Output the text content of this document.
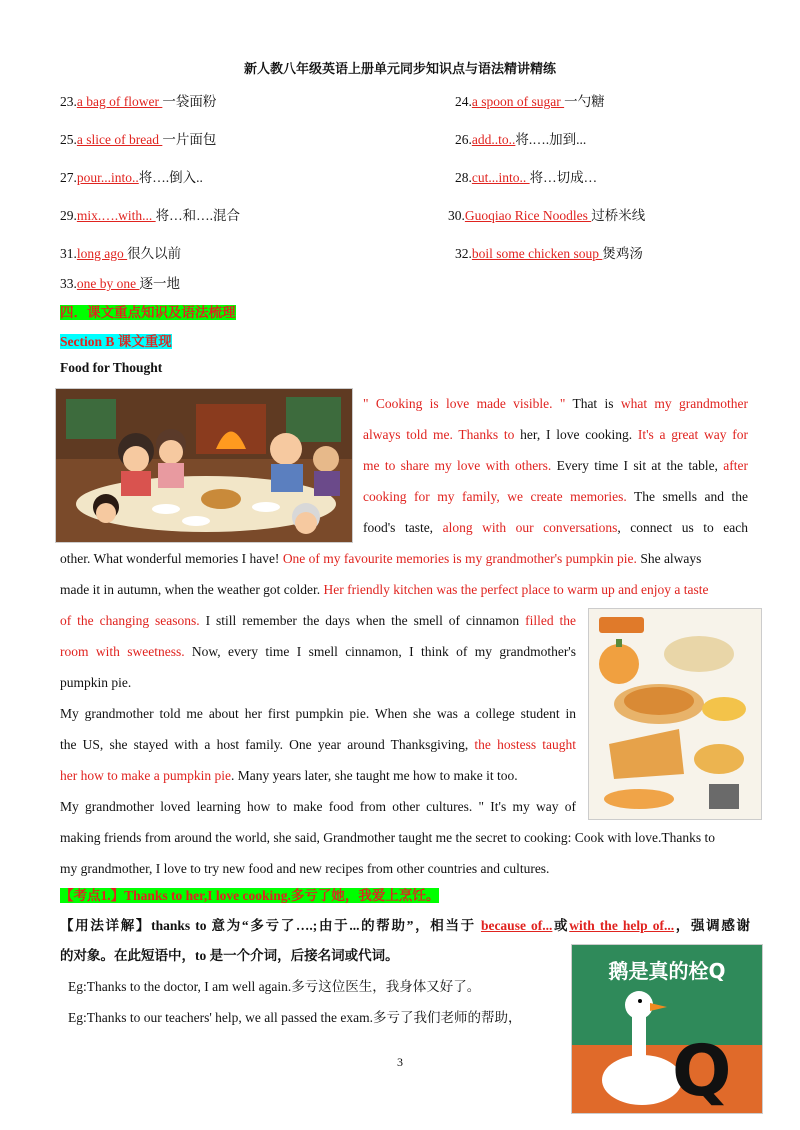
新人教八年级英语上册单元同步知识点与语法精讲精练
23.a bag of flower 一袋面粉	24.a spoon of sugar 一勺糖
25.a slice of bread 一片面包	26.add..to..将.….加到...
27.pour...into..将….倒入..	28.cut...into.. 将…切成…
29.mix.….with... 将…和….混合	30.Guoqiao Rice Noodles 过桥米线
31.long ago 很久以前	32.boil some chicken soup 煲鸡汤
33.one by one 逐一地
四．课文重点知识及语法梳理
Section B 课文重现
Food for Thought
" Cooking is love made visible. " That is what my grandmother
always told me. Thanks to her, I love cooking. It's a great way for
me to share my love with others. Every time I sit at the table, after
cooking for my family, we create memories. The smells and the
food's taste, along with our conversations, connect us to each
other. What wonderful memories I have! One of my favourite memories is my grandmother's pumpkin pie. She always
made it in autumn, when the weather got colder. Her friendly kitchen was the perfect place to warm up and enjoy a taste
of the changing seasons. I still remember the days when the smell of cinnamon filled the
room with sweetness. Now, every time I smell cinnamon, I think of my grandmother's
pumpkin pie.
My grandmother told me about her first pumpkin pie. When she was a college student in
the US, she stayed with a host family. One year around Thanksgiving, the hostess taught
her how to make a pumpkin pie. Many years later, she taught me how to make it too.
My grandmother loved learning how to make food from other cultures. " It's my way of
making friends from around the world, she said, Grandmother taught me the secret to cooking: Cook with love.Thanks to
my grandmother, I love to try new food and new recipes from other countries and cultures.
【考点1.】Thanks to her,I love cooking.多亏了她，我爱上烹饪。
【用法详解】thanks to 意为“多亏了….;由于...的帮助”，相当于 because of...或with the help of...，强调感谢
的对象。在此短语中，to 是一个介词，后接名词或代词。
Eg:Thanks to the doctor, I am well again.多亏这位医生，我身体又好了。
Eg:Thanks to our teachers' help, we all passed the exam.多亏了我们老师的帮助，
鹅是真的栓Q
Q
3
